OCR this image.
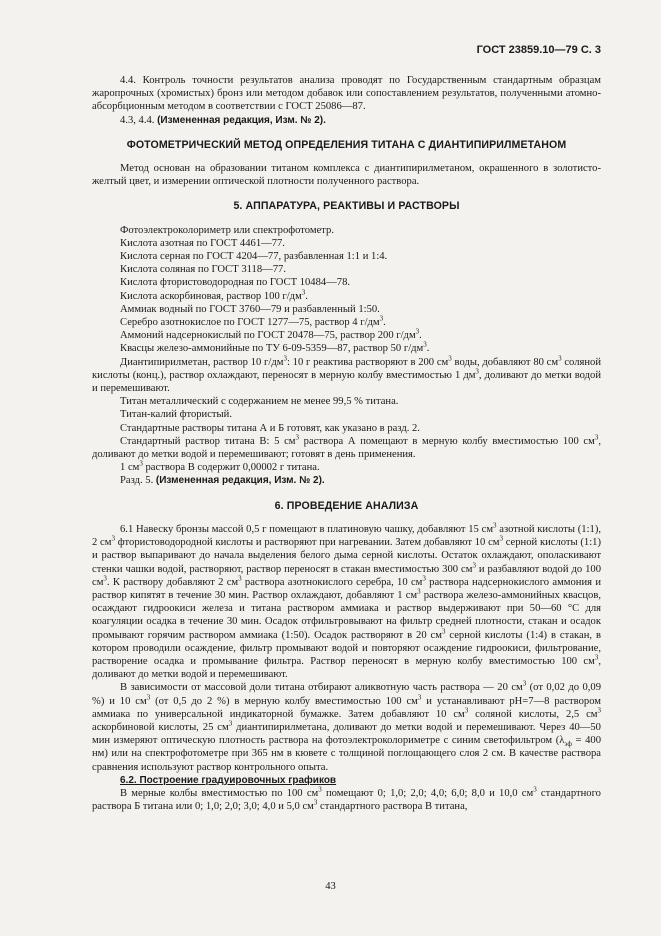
ГОСТ 23859.10—79 С. 3

4.4. Контроль точности результатов анализа проводят по Государственным стандартным образцам жаропрочных (хромистых) бронз или методом добавок или сопоставлением результатов, полученными атомно-абсорбционным методом в соответствии с ГОСТ 25086—87.

4.3, 4.4. (Измененная редакция, Изм. № 2).

ФОТОМЕТРИЧЕСКИЙ МЕТОД ОПРЕДЕЛЕНИЯ ТИТАНА С ДИАНТИПИРИЛМЕТАНОМ

Метод основан на образовании титаном комплекса с диантипирилметаном, окрашенного в золотисто-желтый цвет, и измерении оптической плотности полученного раствора.

5. АППАРАТУРА, РЕАКТИВЫ И РАСТВОРЫ

Фотоэлектроколориметр или спектрофотометр.

Кислота азотная по ГОСТ 4461—77.

Кислота серная по ГОСТ 4204—77, разбавленная 1:1 и 1:4.

Кислота соляная по ГОСТ 3118—77.

Кислота фтористоводородная по ГОСТ 10484—78.

Кислота аскорбиновая, раствор 100 $г/дм^3$.

Аммиак водный по ГОСТ 3760—79 и разбавленный 1:50.

Серебро азотнокислое по ГОСТ 1277—75, раствор 4 $г/дм^3$.

Аммоний надсернокислый по ГОСТ 20478—75, раствор 200 $г/дм^3$.

Квасцы железо-аммонийные по ТУ 6-09-5359—87, раствор 50 $г/дм^3$.

Диантипирилметан, раствор 10 $г/дм^3$: 10 г реактива растворяют в 200 $см^3$ воды, добавляют 80 $см^3$ соляной кислоты (конц.), раствор охлаждают, переносят в мерную колбу вместимостью 1 $дм^3$, доливают до метки водой и перемешивают.

Титан металлический с содержанием не менее 99,5 % титана.

Титан-калий фтористый.

Стандартные растворы титана А и Б готовят, как указано в разд. 2.

Стандартный раствор титана В: 5 $см^3$ раствора А помещают в мерную колбу вместимостью 100 $см^3$, доливают до метки водой и перемешивают; готовят в день применения.

1 $см^3$ раствора В содержит 0,00002 г титана.

Разд. 5. (Измененная редакция, Изм. № 2).

6. ПРОВЕДЕНИЕ АНАЛИЗА

6.1 Навеску бронзы массой 0,5 г помещают в платиновую чашку, добавляют 15 $см^3$ азотной кислоты (1:1), 2 $см^3$ фтористоводородной кислоты и растворяют при нагревании. Затем добавляют 10 $см^3$ серной кислоты (1:1) и раствор выпаривают до начала выделения белого дыма серной кислоты. Остаток охлаждают, ополаскивают стенки чашки водой, растворяют, раствор переносят в стакан вместимостью 300 $см^3$ и разбавляют водой до 100 $см^3$. К раствору добавляют 2 $см^3$ раствора азотнокислого серебра, 10 $см^3$ раствора надсернокислого аммония и раствор кипятят в течение 30 мин. Раствор охлаждают, добавляют 1 $см^3$ раствора железо-аммонийных квасцов, осаждают гидроокиси железа и титана раствором аммиака и раствор выдерживают при 50—60 °С для коагуляции осадка в течение 30 мин. Осадок отфильтровывают на фильтр средней плотности, стакан и осадок промывают горячим раствором аммиака (1:50). Осадок растворяют в 20 $см^3$ серной кислоты (1:4) в стакан, в котором проводили осаждение, фильтр промывают водой и повторяют осаждение гидроокиси, фильтрование, растворение осадка и промывание фильтра. Раствор переносят в мерную колбу вместимостью 100 $см^3$, доливают до метки водой и перемешивают.

В зависимости от массовой доли титана отбирают аликвотную часть раствора — 20 $см^3$ (от 0,02 до 0,09 %) и 10 $см^3$ (от 0,5 до 2 %) в мерную колбу вместимостью 100 $см^3$ и устанавливают рН=7—8 раствором аммиака по универсальной индикаторной бумажке. Затем добавляют 10 $см^3$ соляной кислоты, 2,5 $см^3$ аскорбиновой кислоты, 25 $см^3$ диантипирилметана, доливают до метки водой и перемешивают. Через 40—50 мин измеряют оптическую плотность раствора на фотоэлектроколориметре с синим светофильтром ($\lambda_{эф} = 400$ нм) или на спектрофотометре при 365 нм в кювете с толщиной поглощающего слоя 2 см. В качестве раствора сравнения используют раствор контрольного опыта.

6.2. Построение градуировочных графиков

В мерные колбы вместимостью по 100 $см^3$ помещают 0; 1,0; 2,0; 4,0; 6,0; 8,0 и 10,0 $см^3$ стандартного раствора Б титана или 0; 1,0; 2,0; 3,0; 4,0 и 5,0 $см^3$ стандартного раствора В титана,

43
